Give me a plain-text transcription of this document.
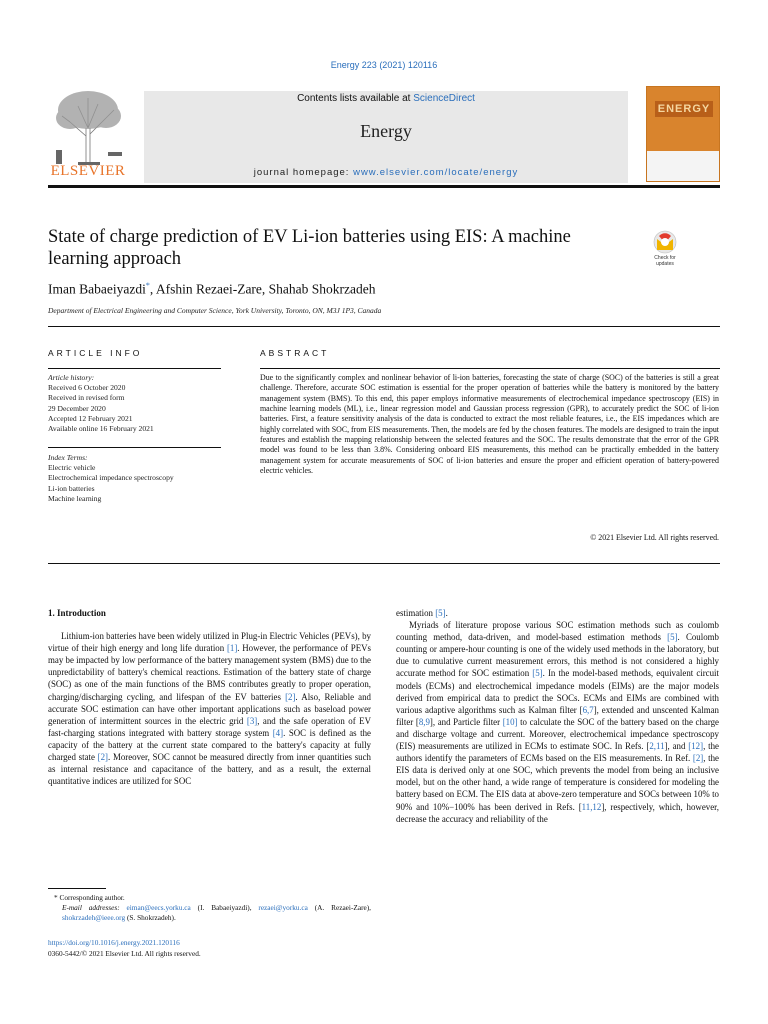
Energy 223 (2021) 120116
ELSEVIER
Contents lists available at ScienceDirect
Energy
journal homepage: www.elsevier.com/locate/energy
ENERGY
State of charge prediction of EV Li-ion batteries using EIS: A machine learning approach	Check for updates
Iman Babaeiyazdi*, Afshin Rezaei-Zare, Shahab Shokrzadeh
Department of Electrical Engineering and Computer Science, York University, Toronto, ON, M3J 1P3, Canada
ARTICLE INFO	ABSTRACT
Article history:
Received 6 October 2020
Received in revised form
29 December 2020
Accepted 12 February 2021
Available online 16 February 2021
Index Terms:
Electric vehicle
Electrochemical impedance spectroscopy
Li-ion batteries
Machine learning
Due to the significantly complex and nonlinear behavior of li-ion batteries, forecasting the state of charge (SOC) of the batteries is still a great challenge. Therefore, accurate SOC estimation is essential for the proper operation of batteries while the battery is monitored by the battery management system (BMS). To this end, this paper employs informative measurements of electrochemical impedance spectroscopy (EIS) in machine learning models (ML), i.e., linear regression model and Gaussian process regression (GPR), to accurately predict the SOC of li-ion batteries. First, a feature sensitivity analysis of the data is conducted to extract the most reliable features, i.e., the EIS impedances which are highly correlated with SOC, from EIS measurements. Then, the models are fed by the chosen features. The models are designed to train the input features and establish the mapping relationship between the selected features and the SOC. The results demonstrate that the error of the GPR model was found to be less than 3.8%. Considering onboard EIS measurements, this method can be practically embedded in the battery management system for accurate measurements of SOC of li-ion batteries and ensure the proper and efficient operation of battery-powered electric vehicles.
© 2021 Elsevier Ltd. All rights reserved.
1. Introduction

Lithium-ion batteries have been widely utilized in Plug-in Electric Vehicles (PEVs), by virtue of their high energy and long life duration [1]. However, the performance of PEVs may be impacted by low performance of the battery management system (BMS) due to the unpredictability of battery's chemical reactions. Estimation of the battery state of charge (SOC) as one of the main functions of the BMS contributes greatly to proper operation, charging/discharging cycling, and lifespan of the EV batteries [2]. Also, Reliable and accurate SOC estimation can have other important applications such as baseload power generation of intermittent sources in the electric grid [3], and the safe operation of EV fast-charging stations integrated with battery storage system [4]. SOC is defined as the capacity of the battery at the current state compared to the battery's capacity at fully charged state [2]. Moreover, SOC cannot be measured directly from inner quantities such as internal resistance and capacitance of the battery, and as a result, the external quantitative indices are utilized for SOC

estimation [5].

Myriads of literature propose various SOC estimation methods such as coulomb counting method, data-driven, and model-based estimation methods [5]. Coulomb counting or ampere-hour counting is one of the widely used methods in the laboratory, but due to cumulative current measurement errors, this method is not considered a highly accurate method for SOC estimation [5]. In the model-based methods, equivalent circuit models (ECMs) and electrochemical impedance models (EIMs) are the major models derived from empirical data to predict the SOCs. ECMs and EIMs are combined with various adaptive algorithms such as Kalman filter [6,7], extended and unscented Kalman filter [8,9], and Particle filter [10] to calculate the SOC of the battery based on the charge and discharge voltage and current. Moreover, electrochemical impedance spectroscopy (EIS) measurements are utilized in ECMs to estimate SOC. In Refs. [2,11], and [12], the authors identify the parameters of ECMs based on the EIS measurements. In Ref. [2], the EIS data is derived only at one SOC, which prevents the model from being an inclusive model, but on the other hand, a wide range of temperature is considered for modeling the battery based on ECM. The EIS data at above-zero temperature and SOCs between 10% to 90% and 10%−100% has been derived in Refs. [11,12], respectively, which, however, decrease the accuracy and reliability of the

* Corresponding author.
E-mail addresses: eiman@eecs.yorku.ca (I. Babaeiyazdi), rezaei@yorku.ca (A. Rezaei-Zare), shokrzadeh@ieee.org (S. Shokrzadeh).
https://doi.org/10.1016/j.energy.2021.120116
0360-5442/© 2021 Elsevier Ltd. All rights reserved.
